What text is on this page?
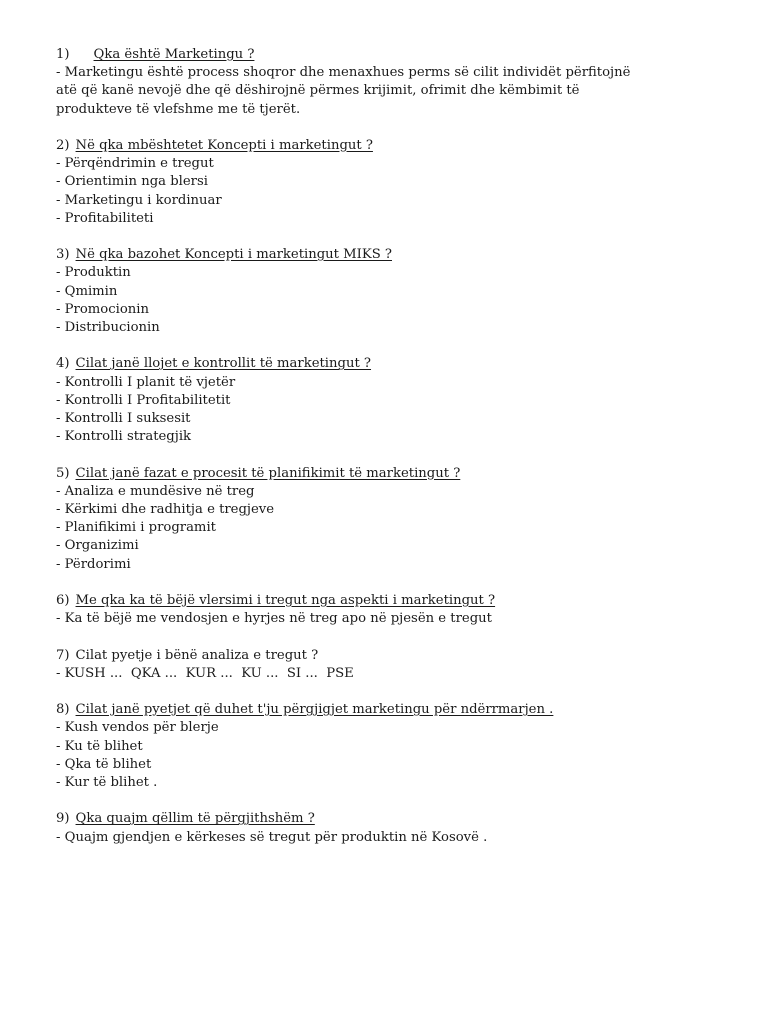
1) Qka është Marketingu ?
- Marketingu është process shoqror dhe menaxhues perms së cilit individët përfitojnë
atë që kanë nevojë dhe që dëshirojnë përmes krijimit, ofrimit dhe këmbimit të
produkteve të vlefshme me të tjerët.
2) Në qka mbështetet Koncepti i marketingut ?
- Përqëndrimin e tregut
- Orientimin nga blersi
- Marketingu i kordinuar
- Profitabiliteti
3) Në qka bazohet Koncepti i marketingut MIKS ?
- Produktin
- Qmimin
- Promocionin
- Distribucionin
4) Cilat janë llojet e kontrollit të marketingut ?
- Kontrolli I planit të vjetër
- Kontrolli I Profitabilitetit
- Kontrolli I suksesit
- Kontrolli strategjik
5) Cilat janë fazat e procesit të planifikimit të marketingut ?
- Analiza e mundësive në treg
- Kërkimi dhe radhitja e tregjeve
- Planifikimi i programit
- Organizimi
- Përdorimi
6) Me qka ka të bëjë vlersimi i tregut nga aspekti i marketingut ?
- Ka të bëjë me vendosjen e hyrjes në treg apo në pjesën e tregut
7) Cilat pyetje i bënë analiza e tregut ?
- KUSH ...  QKA ...  KUR ...  KU ...  SI ...  PSE
8) Cilat janë pyetjet që duhet t'ju përgjigjet marketingu për ndërrmarjen .
- Kush vendos për blerje
- Ku të blihet
- Qka të blihet
- Kur të blihet .
9) Qka quajm qëllim të përgjithshëm ?
- Quajm gjendjen e kërkeses së tregut për produktin në Kosovë .
